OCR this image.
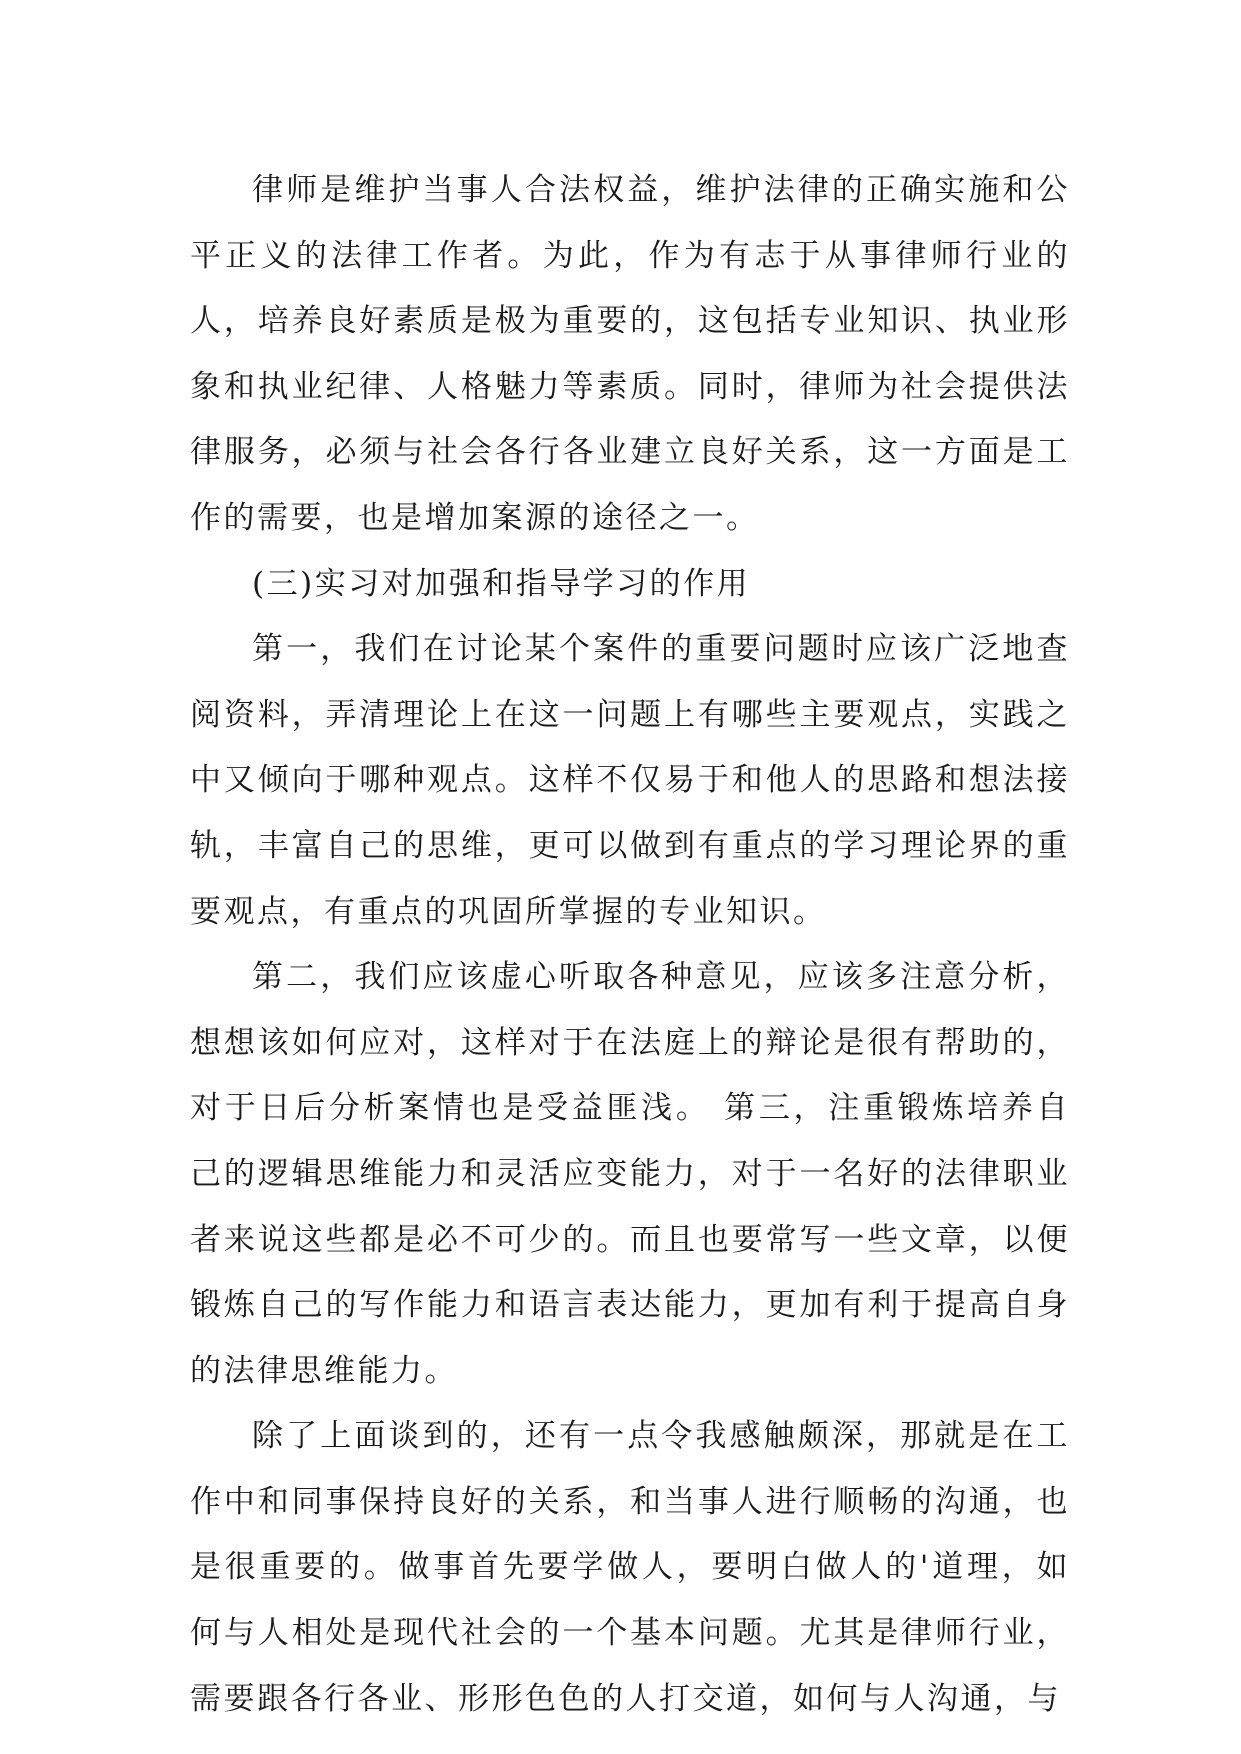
律师是维护当事人合法权益，维护法律的正确实施和公平正义的法律工作者。为此，作为有志于从事律师行业的人，培养良好素质是极为重要的，这包括专业知识、执业形象和执业纪律、人格魅力等素质。同时，律师为社会提供法律服务，必须与社会各行各业建立良好关系，这一方面是工作的需要，也是增加案源的途径之一。

(三)实习对加强和指导学习的作用

第一，我们在讨论某个案件的重要问题时应该广泛地查阅资料，弄清理论上在这一问题上有哪些主要观点，实践之中又倾向于哪种观点。这样不仅易于和他人的思路和想法接轨，丰富自己的思维，更可以做到有重点的学习理论界的重要观点，有重点的巩固所掌握的专业知识。

第二，我们应该虚心听取各种意见，应该多注意分析，想想该如何应对，这样对于在法庭上的辩论是很有帮助的，对于日后分析案情也是受益匪浅。 第三，注重锻炼培养自己的逻辑思维能力和灵活应变能力，对于一名好的法律职业者来说这些都是必不可少的。而且也要常写一些文章，以便锻炼自己的写作能力和语言表达能力，更加有利于提高自身的法律思维能力。

除了上面谈到的，还有一点令我感触颇深，那就是在工作中和同事保持良好的关系，和当事人进行顺畅的沟通，也是很重要的。做事首先要学做人，要明白做人的'道理，如何与人相处是现代社会的一个基本问题。尤其是律师行业，需要跟各行各业、形形色色的人打交道，如何与人沟通，与
